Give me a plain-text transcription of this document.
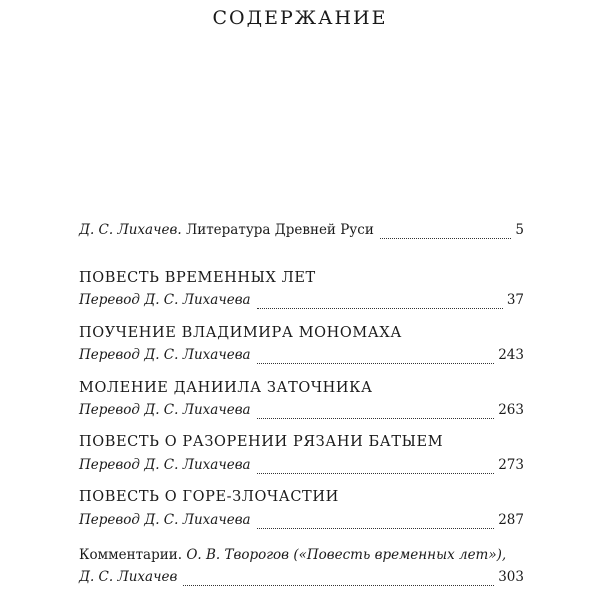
СОДЕРЖАНИЕ
Д. С. Лихачев.
Литература Древней Руси	5
ПОВЕСТЬ ВРЕМЕННЫХ ЛЕТ
Перевод Д. С. Лихачева	37
ПОУЧЕНИЕ ВЛАДИМИРА МОНОМАХА
Перевод Д. С. Лихачева	243
МОЛЕНИЕ ДАНИИЛА ЗАТОЧНИКА
Перевод Д. С. Лихачева	263
ПОВЕСТЬ О РАЗОРЕНИИ РЯЗАНИ БАТЫЕМ
Перевод Д. С. Лихачева	273
ПОВЕСТЬ О ГОРЕ-ЗЛОЧАСТИИ
Перевод Д. С. Лихачева	287
Комментарии.
О. В. Творогов
(«Повесть временных лет»),
Д. С. Лихачев	303
